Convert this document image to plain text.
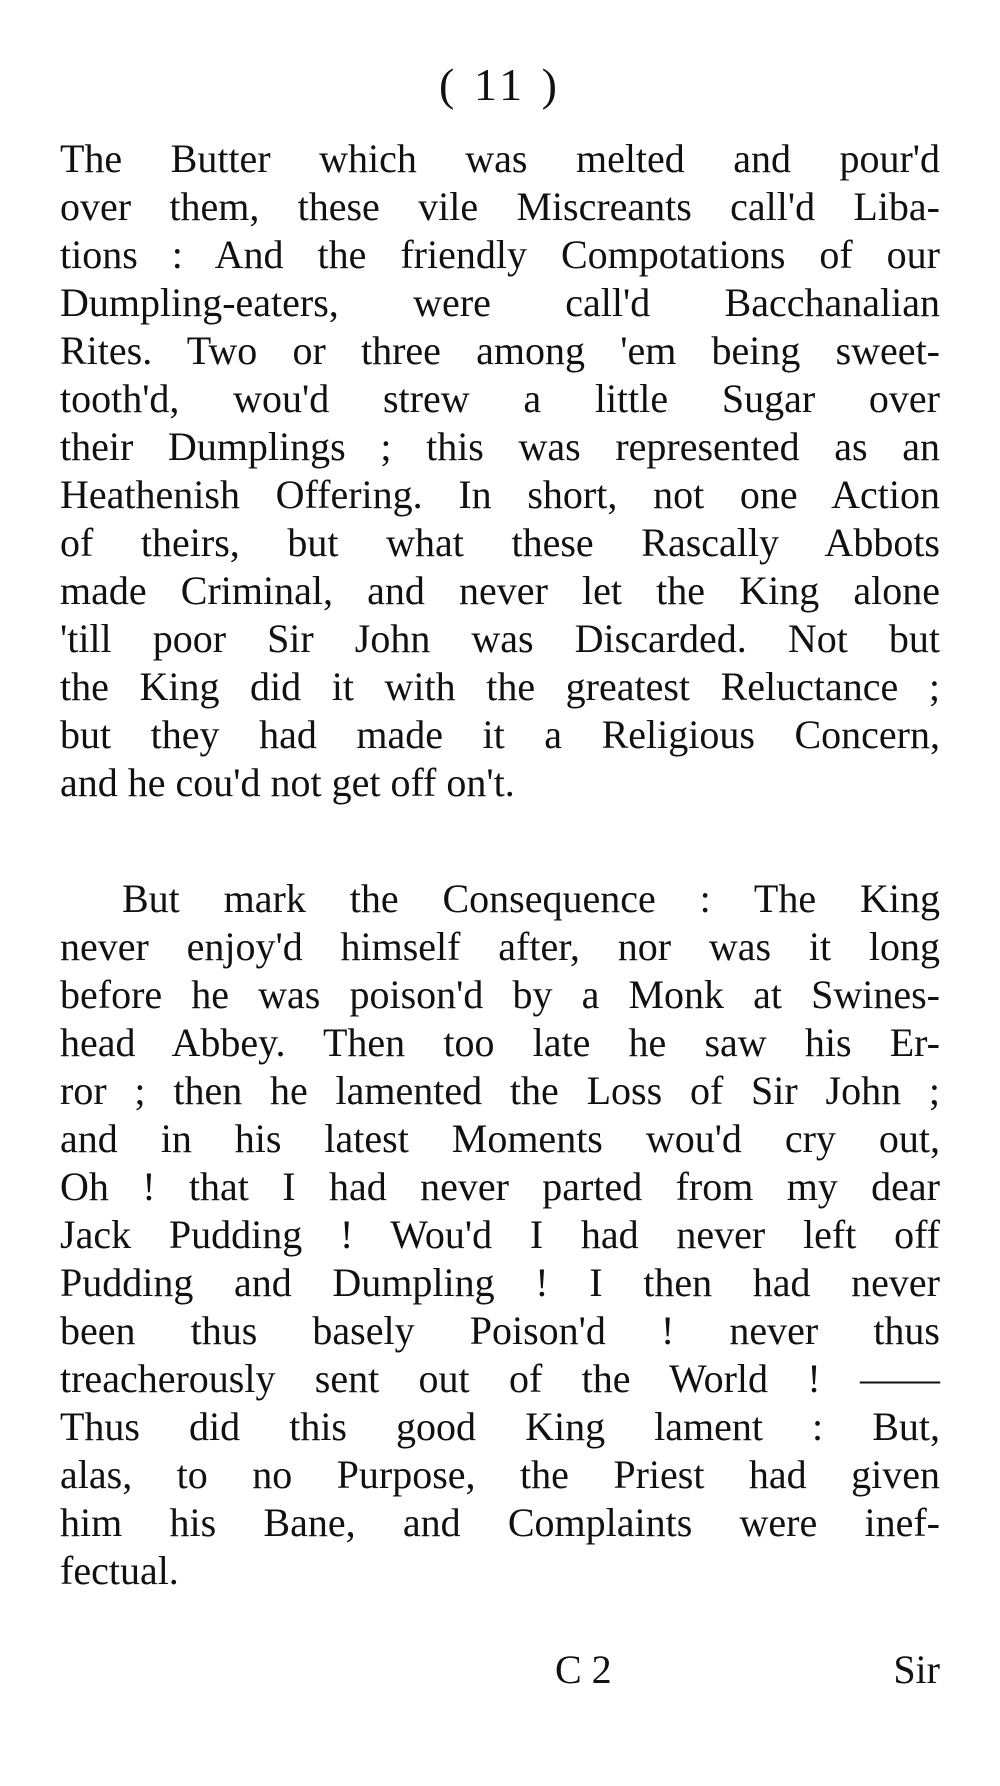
( 11 )
The Butter which was melted and pour'd
over them, these vile Miscreants call'd Liba-
tions : And the friendly Compotations of our
Dumpling-eaters, were call'd Bacchanalian
Rites. Two or three among 'em being sweet-
tooth'd, wou'd strew a little Sugar over
their Dumplings ; this was represented as an
Heathenish Offering. In short, not one Action
of theirs, but what these Rascally Abbots
made Criminal, and never let the King alone
'till poor Sir John was Discarded. Not but
the King did it with the greatest Reluctance ;
but they had made it a Religious Concern,
and he cou'd not get off on't.
But mark the Consequence : The King
never enjoy'd himself after, nor was it long
before he was poison'd by a Monk at Swines-
head Abbey. Then too late he saw his Er-
ror ; then he lamented the Loss of Sir John ;
and in his latest Moments wou'd cry out,
Oh ! that I had never parted from my dear
Jack Pudding ! Wou'd I had never left off
Pudding and Dumpling ! I then had never
been thus basely Poison'd ! never thus
treacherously sent out of the World ! ——
Thus did this good King lament : But,
alas, to no Purpose, the Priest had given
him his Bane, and Complaints were inef-
fectual.
C 2	Sir
